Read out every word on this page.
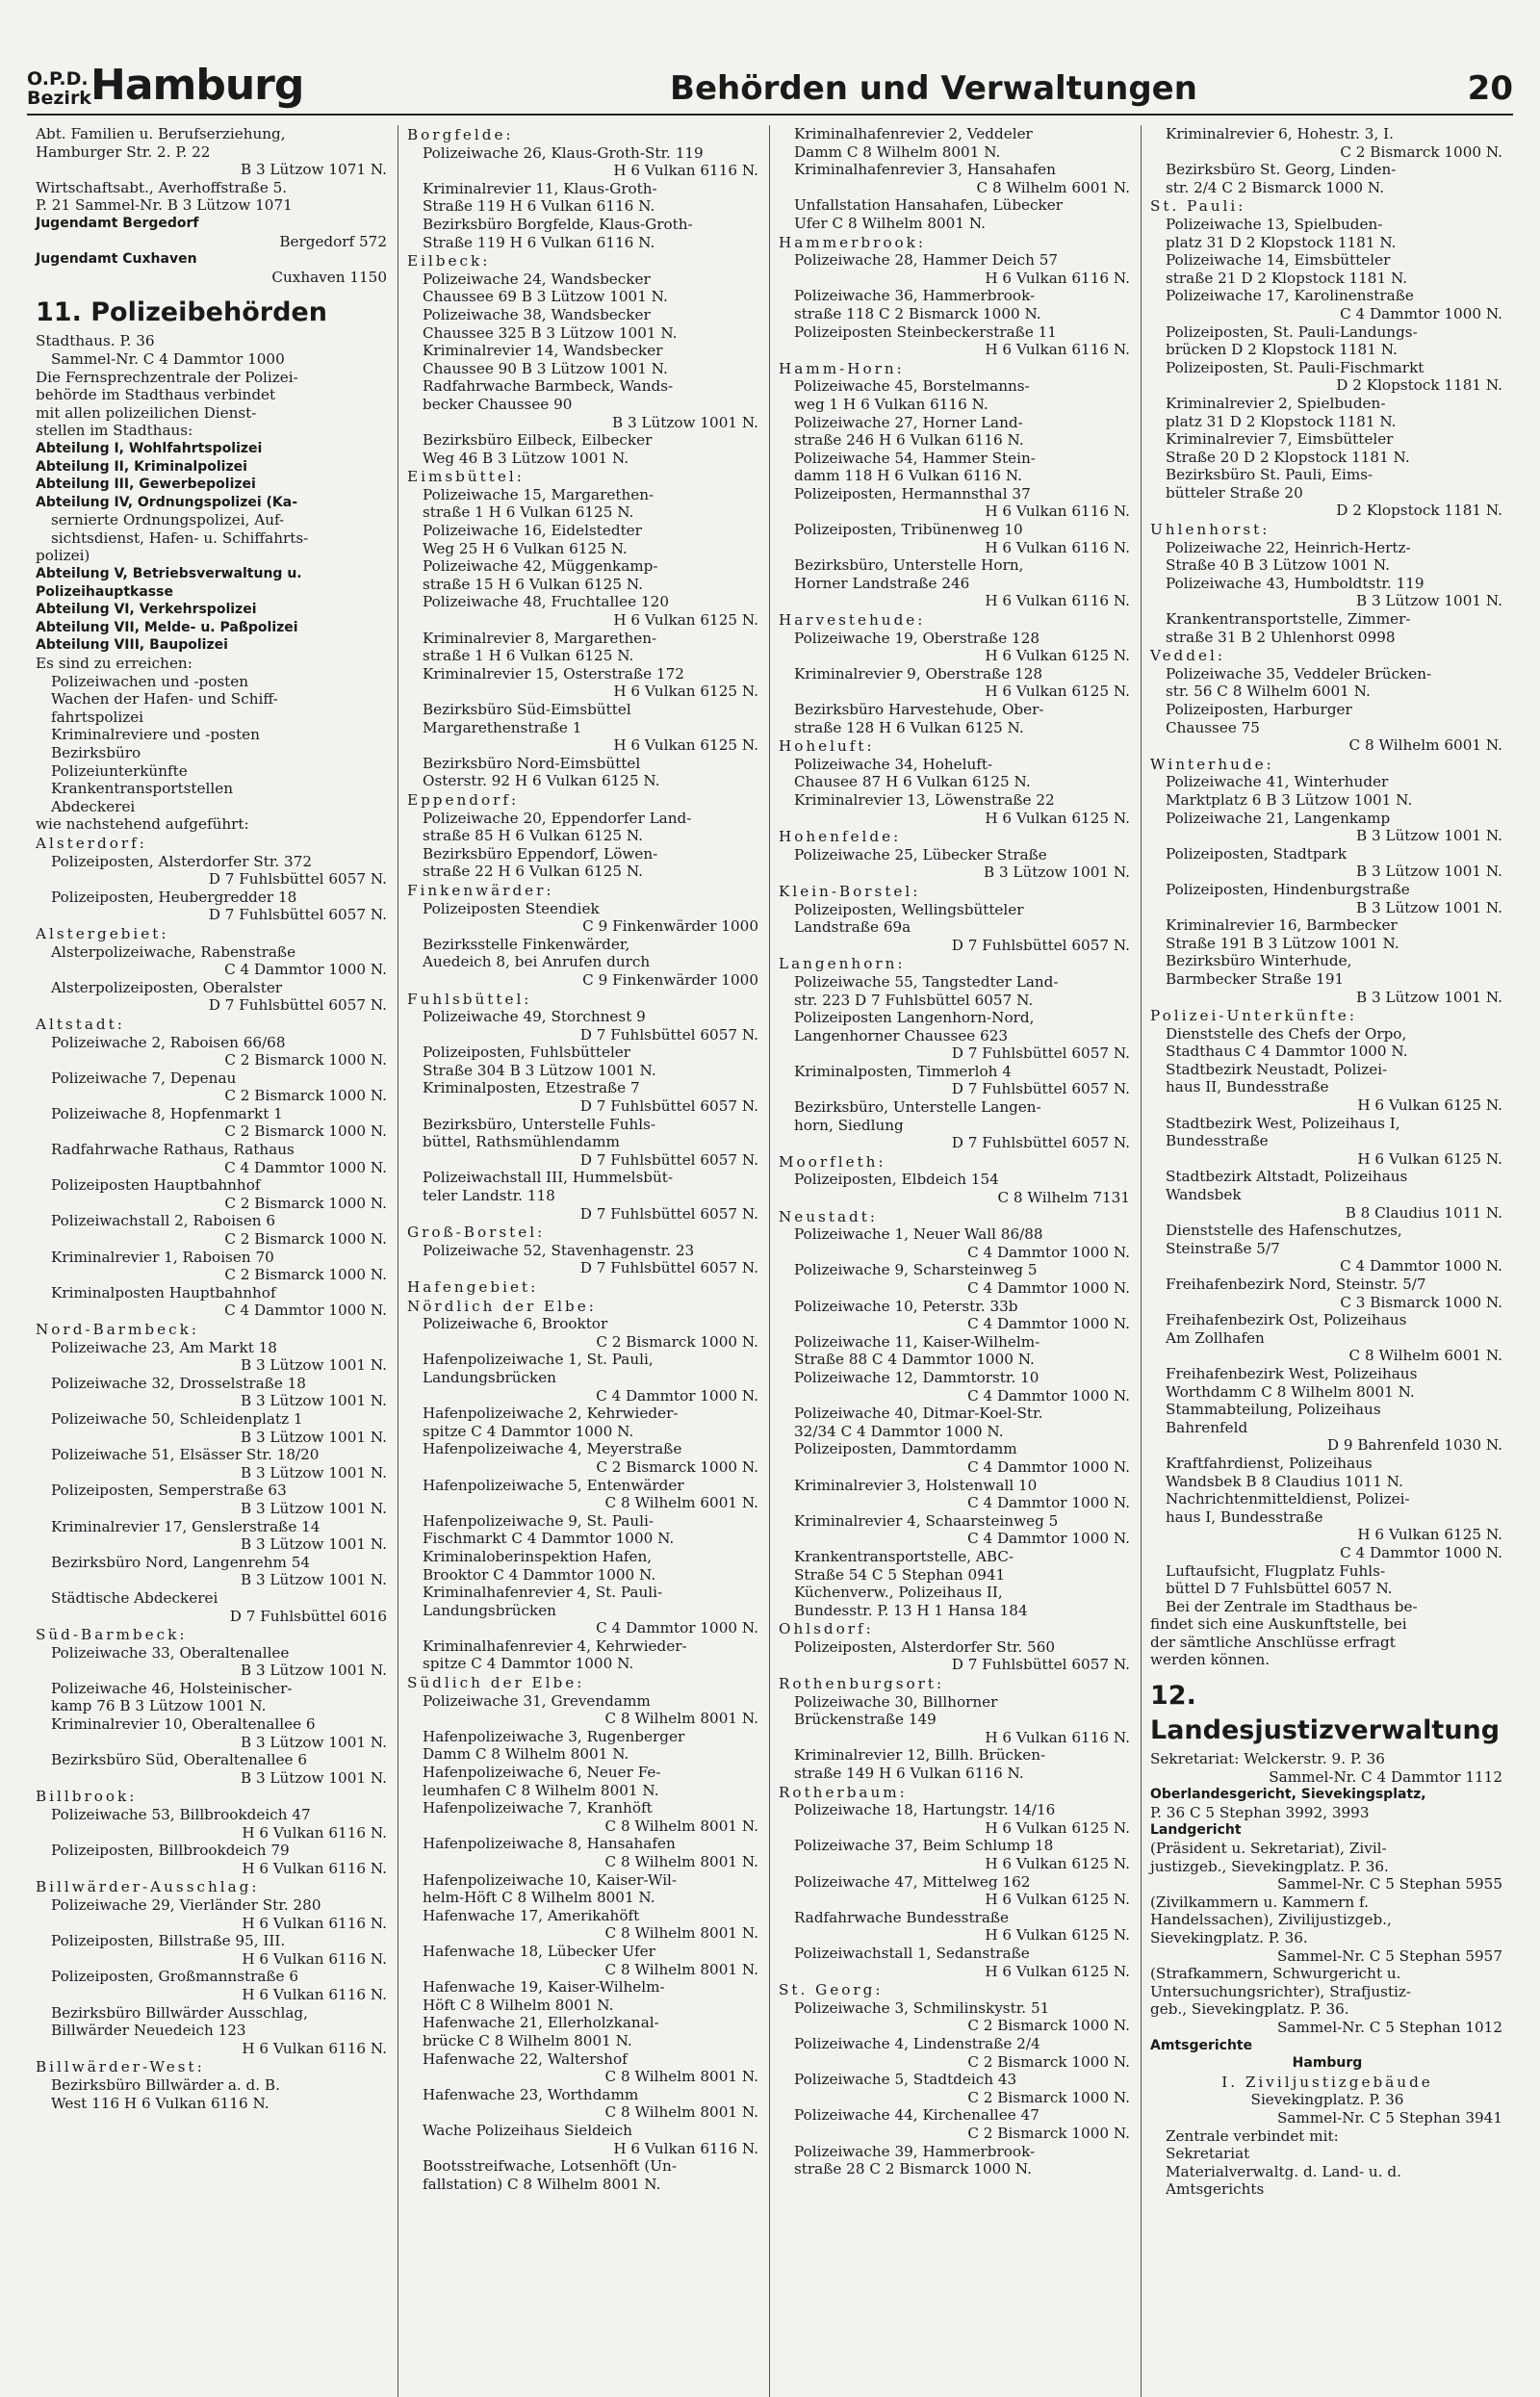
O.P.D.
Bezirk Hamburg	Behörden und Verwaltungen	20
Abt. Familien u. Berufserziehung,
Hamburger Str. 2. P. 22
B 3 Lützow 1071 N.
Wirtschaftsabt., Averhoffstraße 5.
P. 21 Sammel-Nr. B 3 Lützow 1071
Jugendamt Bergedorf
Bergedorf 572
Jugendamt Cuxhaven
Cuxhaven 1150
11. Polizeibehörden
Stadthaus. P. 36
Sammel-Nr. C 4 Dammtor 1000
Die Fernsprechzentrale der Polizei-
behörde im Stadthaus verbindet
mit allen polizeilichen Dienst-
stellen im Stadthaus:
Abteilung I, Wohlfahrtspolizei
Abteilung II, Kriminalpolizei
Abteilung III, Gewerbepolizei
Abteilung IV, Ordnungspolizei (Ka-
sernierte Ordnungspolizei, Auf-
sichtsdienst, Hafen- u. Schiffahrts-
polizei)
Abteilung V, Betriebsverwaltung u.
Polizeihauptkasse
Abteilung VI, Verkehrspolizei
Abteilung VII, Melde- u. Paßpolizei
Abteilung VIII, Baupolizei
Es sind zu erreichen:
Polizeiwachen und -posten
Wachen der Hafen- und Schiff-
fahrtspolizei
Kriminalreviere und -posten
Bezirksbüro
Polizeiunterkünfte
Krankentransportstellen
Abdeckerei
wie nachstehend aufgeführt:
Alsterdorf:
Polizeiposten, Alsterdorfer Str. 372
D 7 Fuhlsbüttel 6057 N.
Polizeiposten, Heubergredder 18
D 7 Fuhlsbüttel 6057 N.
Alstergebiet:
Alsterpolizeiwache, Rabenstraße
C 4 Dammtor 1000 N.
Alsterpolizeiposten, Oberalster
D 7 Fuhlsbüttel 6057 N.
Altstadt:
Polizeiwache 2, Raboisen 66/68
C 2 Bismarck 1000 N.
Polizeiwache 7, Depenau
C 2 Bismarck 1000 N.
Polizeiwache 8, Hopfenmarkt 1
C 2 Bismarck 1000 N.
Radfahrwache Rathaus, Rathaus
C 4 Dammtor 1000 N.
Polizeiposten Hauptbahnhof
C 2 Bismarck 1000 N.
Polizeiwachstall 2, Raboisen 6
C 2 Bismarck 1000 N.
Kriminalrevier 1, Raboisen 70
C 2 Bismarck 1000 N.
Kriminalposten Hauptbahnhof
C 4 Dammtor 1000 N.
Nord-Barmbeck:
Polizeiwache 23, Am Markt 18
B 3 Lützow 1001 N.
Polizeiwache 32, Drosselstraße 18
B 3 Lützow 1001 N.
Polizeiwache 50, Schleidenplatz 1
B 3 Lützow 1001 N.
Polizeiwache 51, Elsässer Str. 18/20
B 3 Lützow 1001 N.
Polizeiposten, Semperstraße 63
B 3 Lützow 1001 N.
Kriminalrevier 17, Genslerstraße 14
B 3 Lützow 1001 N.
Bezirksbüro Nord, Langenrehm 54
B 3 Lützow 1001 N.
Städtische Abdeckerei
D 7 Fuhlsbüttel 6016
Süd-Barmbeck:
Polizeiwache 33, Oberaltenallee
B 3 Lützow 1001 N.
Polizeiwache 46, Holsteinischer-
kamp 76 B 3 Lützow 1001 N.
Kriminalrevier 10, Oberaltenallee 6
B 3 Lützow 1001 N.
Bezirksbüro Süd, Oberaltenallee 6
B 3 Lützow 1001 N.
Billbrook:
Polizeiwache 53, Billbrookdeich 47
H 6 Vulkan 6116 N.
Polizeiposten, Billbrookdeich 79
H 6 Vulkan 6116 N.
Billwärder-Ausschlag:
Polizeiwache 29, Vierländer Str. 280
H 6 Vulkan 6116 N.
Polizeiposten, Billstraße 95, III.
H 6 Vulkan 6116 N.
Polizeiposten, Großmannstraße 6
H 6 Vulkan 6116 N.
Bezirksbüro Billwärder Ausschlag,
Billwärder Neuedeich 123
H 6 Vulkan 6116 N.
Billwärder-West:
Bezirksbüro Billwärder a. d. B.
West 116 H 6 Vulkan 6116 N.
Borgfelde:
Polizeiwache 26, Klaus-Groth-Str. 119
H 6 Vulkan 6116 N.
Kriminalrevier 11, Klaus-Groth-
Straße 119 H 6 Vulkan 6116 N.
Bezirksbüro Borgfelde, Klaus-Groth-
Straße 119 H 6 Vulkan 6116 N.
Eilbeck:
Polizeiwache 24, Wandsbecker
Chaussee 69 B 3 Lützow 1001 N.
Polizeiwache 38, Wandsbecker
Chaussee 325 B 3 Lützow 1001 N.
Kriminalrevier 14, Wandsbecker
Chaussee 90 B 3 Lützow 1001 N.
Radfahrwache Barmbeck, Wands-
becker Chaussee 90
B 3 Lützow 1001 N.
Bezirksbüro Eilbeck, Eilbecker
Weg 46 B 3 Lützow 1001 N.
Eimsbüttel:
Polizeiwache 15, Margarethen-
straße 1 H 6 Vulkan 6125 N.
Polizeiwache 16, Eidelstedter
Weg 25 H 6 Vulkan 6125 N.
Polizeiwache 42, Müggenkamp-
straße 15 H 6 Vulkan 6125 N.
Polizeiwache 48, Fruchtallee 120
H 6 Vulkan 6125 N.
Kriminalrevier 8, Margarethen-
straße 1 H 6 Vulkan 6125 N.
Kriminalrevier 15, Osterstraße 172
H 6 Vulkan 6125 N.
Bezirksbüro Süd-Eimsbüttel
Margarethenstraße 1
H 6 Vulkan 6125 N.
Bezirksbüro Nord-Eimsbüttel
Osterstr. 92 H 6 Vulkan 6125 N.
Eppendorf:
Polizeiwache 20, Eppendorfer Land-
straße 85 H 6 Vulkan 6125 N.
Bezirksbüro Eppendorf, Löwen-
straße 22 H 6 Vulkan 6125 N.
Finkenwärder:
Polizeiposten Steendiek
C 9 Finkenwärder 1000
Bezirksstelle Finkenwärder,
Auedeich 8, bei Anrufen durch
C 9 Finkenwärder 1000
Fuhlsbüttel:
Polizeiwache 49, Storchnest 9
D 7 Fuhlsbüttel 6057 N.
Polizeiposten, Fuhlsbütteler
Straße 304 B 3 Lützow 1001 N.
Kriminalposten, Etzestraße 7
D 7 Fuhlsbüttel 6057 N.
Bezirksbüro, Unterstelle Fuhls-
büttel, Rathsmühlendamm
D 7 Fuhlsbüttel 6057 N.
Polizeiwachstall III, Hummelsbüt-
teler Landstr. 118
D 7 Fuhlsbüttel 6057 N.
Groß-Borstel:
Polizeiwache 52, Stavenhagenstr. 23
D 7 Fuhlsbüttel 6057 N.
Hafengebiet:
Nördlich der Elbe:
Polizeiwache 6, Brooktor
C 2 Bismarck 1000 N.
Hafenpolizeiwache 1, St. Pauli,
Landungsbrücken
C 4 Dammtor 1000 N.
Hafenpolizeiwache 2, Kehrwieder-
spitze C 4 Dammtor 1000 N.
Hafenpolizeiwache 4, Meyerstraße
C 2 Bismarck 1000 N.
Hafenpolizeiwache 5, Entenwärder
C 8 Wilhelm 6001 N.
Hafenpolizeiwache 9, St. Pauli-
Fischmarkt C 4 Dammtor 1000 N.
Kriminaloberinspektion Hafen,
Brooktor C 4 Dammtor 1000 N.
Kriminalhafenrevier 4, St. Pauli-
Landungsbrücken
C 4 Dammtor 1000 N.
Kriminalhafenrevier 4, Kehrwieder-
spitze C 4 Dammtor 1000 N.
Südlich der Elbe:
Polizeiwache 31, Grevendamm
C 8 Wilhelm 8001 N.
Hafenpolizeiwache 3, Rugenberger
Damm C 8 Wilhelm 8001 N.
Hafenpolizeiwache 6, Neuer Fe-
leumhafen C 8 Wilhelm 8001 N.
Hafenpolizeiwache 7, Kranhöft
C 8 Wilhelm 8001 N.
Hafenpolizeiwache 8, Hansahafen
C 8 Wilhelm 8001 N.
Hafenpolizeiwache 10, Kaiser-Wil-
helm-Höft C 8 Wilhelm 8001 N.
Hafenwache 17, Amerikahöft
C 8 Wilhelm 8001 N.
Hafenwache 18, Lübecker Ufer
C 8 Wilhelm 8001 N.
Hafenwache 19, Kaiser-Wilhelm-
Höft C 8 Wilhelm 8001 N.
Hafenwache 21, Ellerholzkanal-
brücke C 8 Wilhelm 8001 N.
Hafenwache 22, Waltershof
C 8 Wilhelm 8001 N.
Hafenwache 23, Worthdamm
C 8 Wilhelm 8001 N.
Wache Polizeihaus Sieldeich
H 6 Vulkan 6116 N.
Bootsstreifwache, Lotsenhöft (Un-
fallstation) C 8 Wilhelm 8001 N.
Kriminalhafenrevier 2, Veddeler
Damm C 8 Wilhelm 8001 N.
Kriminalhafenrevier 3, Hansahafen
C 8 Wilhelm 6001 N.
Unfallstation Hansahafen, Lübecker
Ufer C 8 Wilhelm 8001 N.
Hammerbrook:
Polizeiwache 28, Hammer Deich 57
H 6 Vulkan 6116 N.
Polizeiwache 36, Hammerbrook-
straße 118 C 2 Bismarck 1000 N.
Polizeiposten Steinbeckerstraße 11
H 6 Vulkan 6116 N.
Hamm-Horn:
Polizeiwache 45, Borstelmanns-
weg 1 H 6 Vulkan 6116 N.
Polizeiwache 27, Horner Land-
straße 246 H 6 Vulkan 6116 N.
Polizeiwache 54, Hammer Stein-
damm 118 H 6 Vulkan 6116 N.
Polizeiposten, Hermannsthal 37
H 6 Vulkan 6116 N.
Polizeiposten, Tribünenweg 10
H 6 Vulkan 6116 N.
Bezirksbüro, Unterstelle Horn,
Horner Landstraße 246
H 6 Vulkan 6116 N.
Harvestehude:
Polizeiwache 19, Oberstraße 128
H 6 Vulkan 6125 N.
Kriminalrevier 9, Oberstraße 128
H 6 Vulkan 6125 N.
Bezirksbüro Harvestehude, Ober-
straße 128 H 6 Vulkan 6125 N.
Hoheluft:
Polizeiwache 34, Hoheluft-
Chausee 87 H 6 Vulkan 6125 N.
Kriminalrevier 13, Löwenstraße 22
H 6 Vulkan 6125 N.
Hohenfelde:
Polizeiwache 25, Lübecker Straße
B 3 Lützow 1001 N.
Klein-Borstel:
Polizeiposten, Wellingsbütteler
Landstraße 69a
D 7 Fuhlsbüttel 6057 N.
Langenhorn:
Polizeiwache 55, Tangstedter Land-
str. 223 D 7 Fuhlsbüttel 6057 N.
Polizeiposten Langenhorn-Nord,
Langenhorner Chaussee 623
D 7 Fuhlsbüttel 6057 N.
Kriminalposten, Timmerloh 4
D 7 Fuhlsbüttel 6057 N.
Bezirksbüro, Unterstelle Langen-
horn, Siedlung
D 7 Fuhlsbüttel 6057 N.
Moorfleth:
Polizeiposten, Elbdeich 154
C 8 Wilhelm 7131
Neustadt:
Polizeiwache 1, Neuer Wall 86/88
C 4 Dammtor 1000 N.
Polizeiwache 9, Scharsteinweg 5
C 4 Dammtor 1000 N.
Polizeiwache 10, Peterstr. 33b
C 4 Dammtor 1000 N.
Polizeiwache 11, Kaiser-Wilhelm-
Straße 88 C 4 Dammtor 1000 N.
Polizeiwache 12, Dammtorstr. 10
C 4 Dammtor 1000 N.
Polizeiwache 40, Ditmar-Koel-Str.
32/34 C 4 Dammtor 1000 N.
Polizeiposten, Dammtordamm
C 4 Dammtor 1000 N.
Kriminalrevier 3, Holstenwall 10
C 4 Dammtor 1000 N.
Kriminalrevier 4, Schaarsteinweg 5
C 4 Dammtor 1000 N.
Krankentransportstelle, ABC-
Straße 54 C 5 Stephan 0941
Küchenverw., Polizeihaus II,
Bundesstr. P. 13 H 1 Hansa 184
Ohlsdorf:
Polizeiposten, Alsterdorfer Str. 560
D 7 Fuhlsbüttel 6057 N.
Rothenburgsort:
Polizeiwache 30, Billhorner
Brückenstraße 149
H 6 Vulkan 6116 N.
Kriminalrevier 12, Billh. Brücken-
straße 149 H 6 Vulkan 6116 N.
Rotherbaum:
Polizeiwache 18, Hartungstr. 14/16
H 6 Vulkan 6125 N.
Polizeiwache 37, Beim Schlump 18
H 6 Vulkan 6125 N.
Polizeiwache 47, Mittelweg 162
H 6 Vulkan 6125 N.
Radfahrwache Bundesstraße
H 6 Vulkan 6125 N.
Polizeiwachstall 1, Sedanstraße
H 6 Vulkan 6125 N.
St. Georg:
Polizeiwache 3, Schmilinskystr. 51
C 2 Bismarck 1000 N.
Polizeiwache 4, Lindenstraße 2/4
C 2 Bismarck 1000 N.
Polizeiwache 5, Stadtdeich 43
C 2 Bismarck 1000 N.
Polizeiwache 44, Kirchenallee 47
C 2 Bismarck 1000 N.
Polizeiwache 39, Hammerbrook-
straße 28 C 2 Bismarck 1000 N.
Kriminalrevier 6, Hohestr. 3, I.
C 2 Bismarck 1000 N.
Bezirksbüro St. Georg, Linden-
str. 2/4 C 2 Bismarck 1000 N.
St. Pauli:
Polizeiwache 13, Spielbuden-
platz 31 D 2 Klopstock 1181 N.
Polizeiwache 14, Eimsbütteler
straße 21 D 2 Klopstock 1181 N.
Polizeiwache 17, Karolinenstraße
C 4 Dammtor 1000 N.
Polizeiposten, St. Pauli-Landungs-
brücken D 2 Klopstock 1181 N.
Polizeiposten, St. Pauli-Fischmarkt
D 2 Klopstock 1181 N.
Kriminalrevier 2, Spielbuden-
platz 31 D 2 Klopstock 1181 N.
Kriminalrevier 7, Eimsbütteler
Straße 20 D 2 Klopstock 1181 N.
Bezirksbüro St. Pauli, Eims-
bütteler Straße 20
D 2 Klopstock 1181 N.
Uhlenhorst:
Polizeiwache 22, Heinrich-Hertz-
Straße 40 B 3 Lützow 1001 N.
Polizeiwache 43, Humboldtstr. 119
B 3 Lützow 1001 N.
Krankentransportstelle, Zimmer-
straße 31 B 2 Uhlenhorst 0998
Veddel:
Polizeiwache 35, Veddeler Brücken-
str. 56 C 8 Wilhelm 6001 N.
Polizeiposten, Harburger
Chaussee 75
C 8 Wilhelm 6001 N.
Winterhude:
Polizeiwache 41, Winterhuder
Marktplatz 6 B 3 Lützow 1001 N.
Polizeiwache 21, Langenkamp
B 3 Lützow 1001 N.
Polizeiposten, Stadtpark
B 3 Lützow 1001 N.
Polizeiposten, Hindenburgstraße
B 3 Lützow 1001 N.
Kriminalrevier 16, Barmbecker
Straße 191 B 3 Lützow 1001 N.
Bezirksbüro Winterhude,
Barmbecker Straße 191
B 3 Lützow 1001 N.
Polizei-Unterkünfte:
Dienststelle des Chefs der Orpo,
Stadthaus C 4 Dammtor 1000 N.
Stadtbezirk Neustadt, Polizei-
haus II, Bundesstraße
H 6 Vulkan 6125 N.
Stadtbezirk West, Polizeihaus I,
Bundesstraße
H 6 Vulkan 6125 N.
Stadtbezirk Altstadt, Polizeihaus
Wandsbek
B 8 Claudius 1011 N.
Dienststelle des Hafenschutzes,
Steinstraße 5/7
C 4 Dammtor 1000 N.
Freihafenbezirk Nord, Steinstr. 5/7
C 3 Bismarck 1000 N.
Freihafenbezirk Ost, Polizeihaus
Am Zollhafen
C 8 Wilhelm 6001 N.
Freihafenbezirk West, Polizeihaus
Worthdamm C 8 Wilhelm 8001 N.
Stammabteilung, Polizeihaus
Bahrenfeld
D 9 Bahrenfeld 1030 N.
Kraftfahrdienst, Polizeihaus
Wandsbek B 8 Claudius 1011 N.
Nachrichtenmitteldienst, Polizei-
haus I, Bundesstraße
H 6 Vulkan 6125 N.
C 4 Dammtor 1000 N.
Luftaufsicht, Flugplatz Fuhls-
büttel D 7 Fuhlsbüttel 6057 N.
Bei der Zentrale im Stadthaus be-
findet sich eine Auskunftstelle, bei
der sämtliche Anschlüsse erfragt
werden können.
12. Landesjustizverwaltung
Sekretariat: Welckerstr. 9. P. 36
Sammel-Nr. C 4 Dammtor 1112
Oberlandesgericht, Sievekingsplatz,
P. 36 C 5 Stephan 3992, 3993
Landgericht
(Präsident u. Sekretariat), Zivil-
justizgeb., Sievekingplatz. P. 36.
Sammel-Nr. C 5 Stephan 5955
(Zivilkammern u. Kammern f.
Handelssachen), Zivilijustizgeb.,
Sievekingplatz. P. 36.
Sammel-Nr. C 5 Stephan 5957
(Strafkammern, Schwurgericht u.
Untersuchungsrichter), Strafjustiz-
geb., Sievekingplatz. P. 36.
Sammel-Nr. C 5 Stephan 1012
Amtsgerichte
Hamburg
I. Ziviljustizgebäude
Sievekingplatz. P. 36
Sammel-Nr. C 5 Stephan 3941
Zentrale verbindet mit:
Sekretariat
Materialverwaltg. d. Land- u. d.
Amtsgerichts
